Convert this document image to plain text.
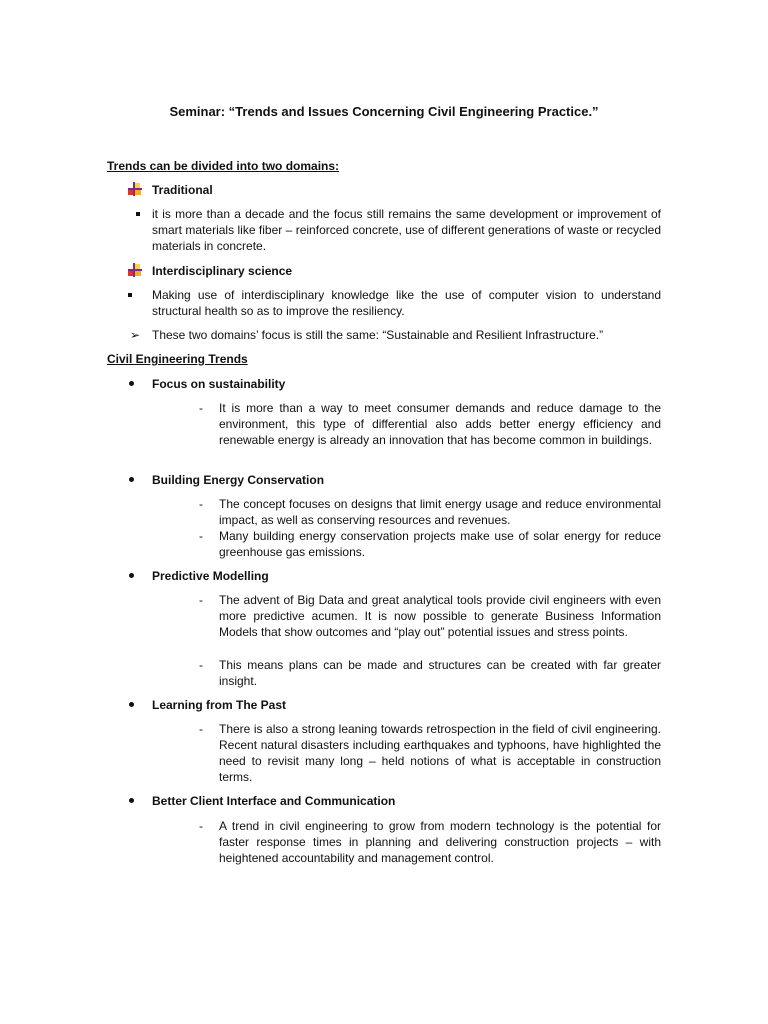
Seminar: “Trends and Issues Concerning Civil Engineering Practice.”
Trends can be divided into two domains:
Traditional
it is more than a decade and the focus still remains the same development or improvement of smart materials like fiber – reinforced concrete, use of different generations of waste or recycled materials in concrete.
Interdisciplinary science
Making use of interdisciplinary knowledge like the use of computer vision to understand structural health so as to improve the resiliency.
➢ These two domains’ focus is still the same: “Sustainable and Resilient Infrastructure.”
Civil Engineering Trends
Focus on sustainability
- It is more than a way to meet consumer demands and reduce damage to the environment, this type of differential also adds better energy efficiency and renewable energy is already an innovation that has become common in buildings.
Building Energy Conservation
- The concept focuses on designs that limit energy usage and reduce environmental impact, as well as conserving resources and revenues.
- Many building energy conservation projects make use of solar energy for reduce greenhouse gas emissions.
Predictive Modelling
- The advent of Big Data and great analytical tools provide civil engineers with even more predictive acumen. It is now possible to generate Business Information Models that show outcomes and “play out” potential issues and stress points.
- This means plans can be made and structures can be created with far greater insight.
Learning from The Past
- There is also a strong leaning towards retrospection in the field of civil engineering. Recent natural disasters including earthquakes and typhoons, have highlighted the need to revisit many long – held notions of what is acceptable in construction terms.
Better Client Interface and Communication
- A trend in civil engineering to grow from modern technology is the potential for faster response times in planning and delivering construction projects – with heightened accountability and management control.
